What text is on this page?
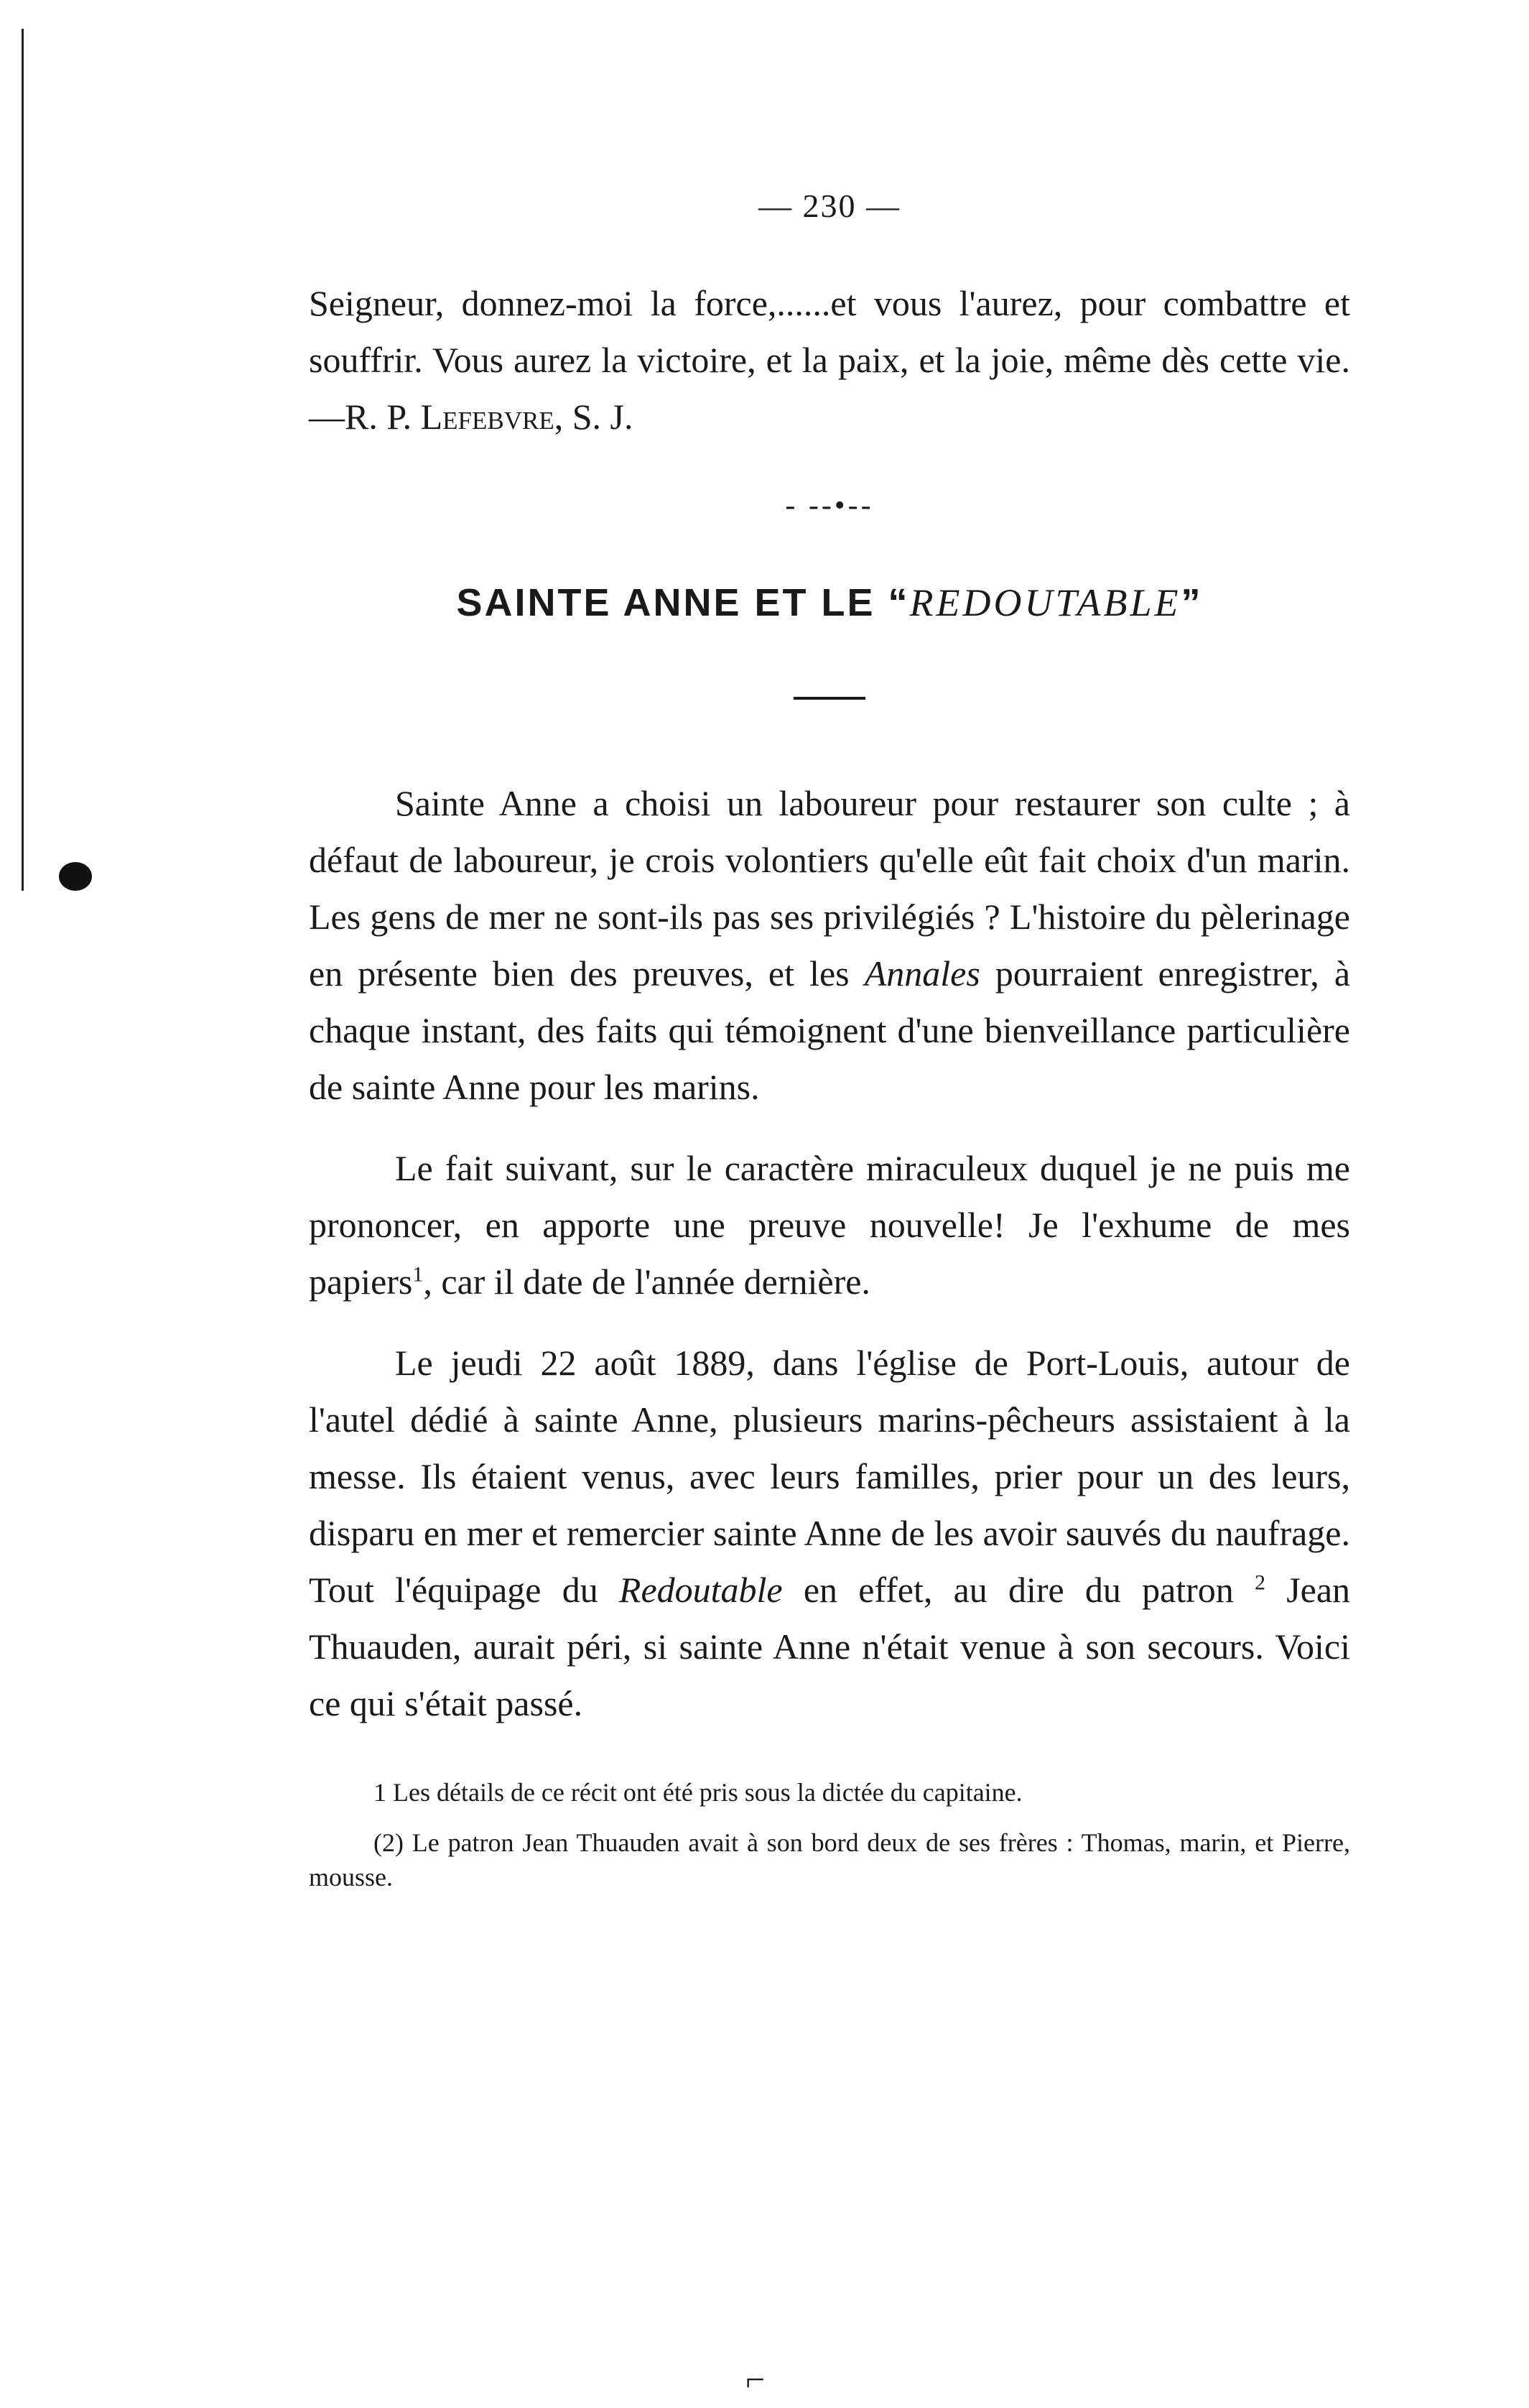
— 230 —

Seigneur, donnez-moi la force,......et vous l'aurez, pour combattre et souffrir. Vous aurez la victoire, et la paix, et la joie, même dès cette vie.—R. P. Lefebvre, S. J.

- --•--
SAINTE ANNE ET LE “REDOUTABLE”

Sainte Anne a choisi un laboureur pour restaurer son culte ; à défaut de laboureur, je crois volontiers qu'elle eût fait choix d'un marin. Les gens de mer ne sont-ils pas ses privilégiés ? L'histoire du pèlerinage en présente bien des preuves, et les Annales pourraient enregistrer, à chaque instant, des faits qui témoignent d'une bienveillance particulière de sainte Anne pour les marins.

Le fait suivant, sur le caractère miraculeux duquel je ne puis me prononcer, en apporte une preuve nouvelle! Je l'exhume de mes papiers$^1$, car il date de l'année dernière.

Le jeudi 22 août 1889, dans l'église de Port-Louis, autour de l'autel dédié à sainte Anne, plusieurs marins-pêcheurs assistaient à la messe. Ils étaient venus, avec leurs familles, prier pour un des leurs, disparu en mer et remercier sainte Anne de les avoir sauvés du naufrage. Tout l'équipage du Redoutable en effet, au dire du patron $^2$ Jean Thuauden, aurait péri, si sainte Anne n'était venue à son secours. Voici ce qui s'était passé.

1 Les détails de ce récit ont été pris sous la dictée du capitaine.

(2) Le patron Jean Thuauden avait à son bord deux de ses frères : Thomas, marin, et Pierre, mousse.

⌐
